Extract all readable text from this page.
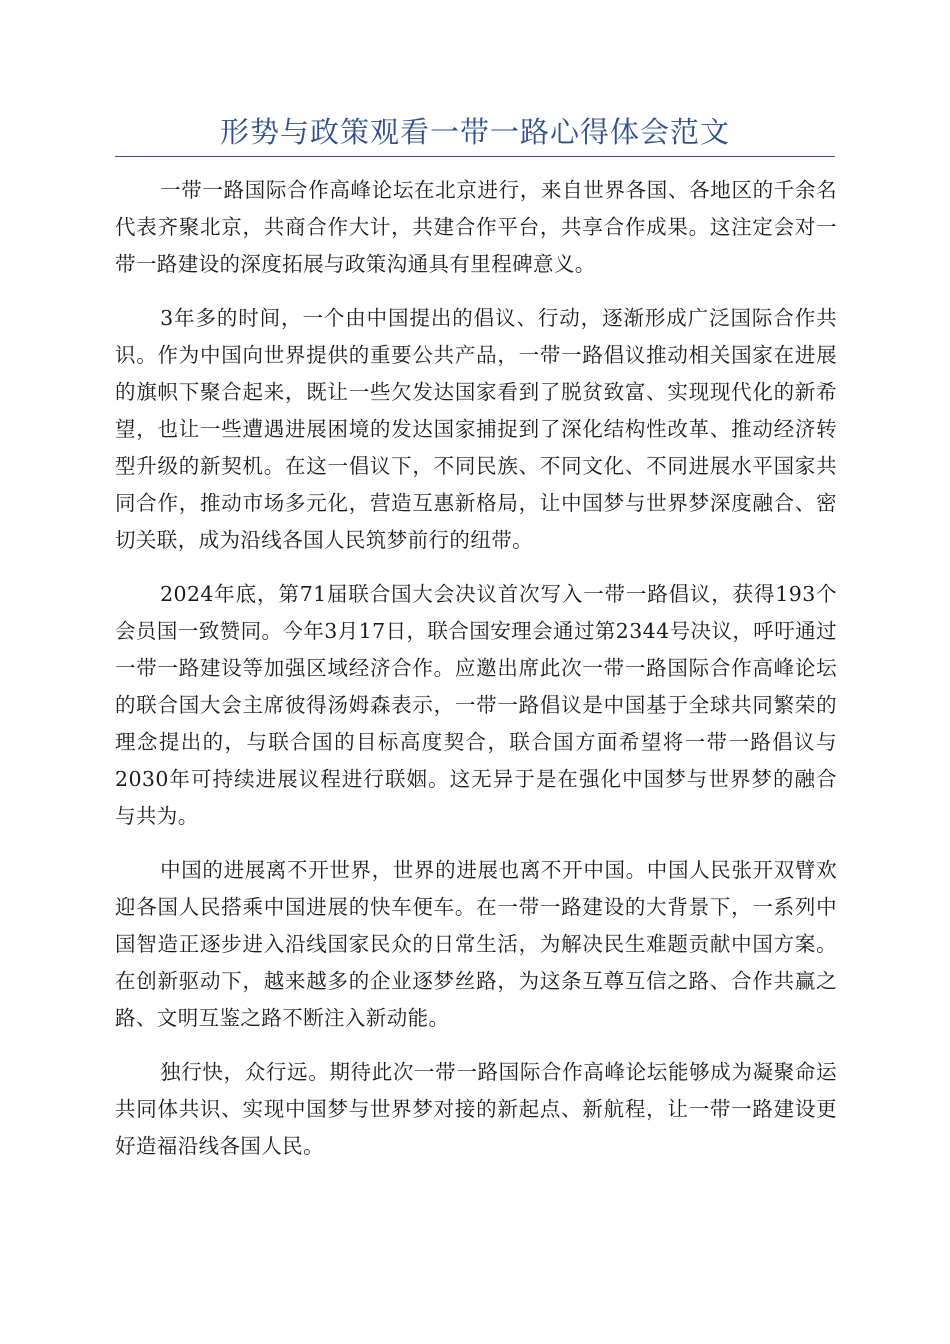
形势与政策观看一带一路心得体会范文

一带一路国际合作高峰论坛在北京进行，来自世界各国、各地区的千余名代表齐聚北京，共商合作大计，共建合作平台，共享合作成果。这注定会对一带一路建设的深度拓展与政策沟通具有里程碑意义。

3年多的时间，一个由中国提出的倡议、行动，逐渐形成广泛国际合作共识。作为中国向世界提供的重要公共产品，一带一路倡议推动相关国家在进展的旗帜下聚合起来，既让一些欠发达国家看到了脱贫致富、实现现代化的新希望，也让一些遭遇进展困境的发达国家捕捉到了深化结构性改革、推动经济转型升级的新契机。在这一倡议下，不同民族、不同文化、不同进展水平国家共同合作，推动市场多元化，营造互惠新格局，让中国梦与世界梦深度融合、密切关联，成为沿线各国人民筑梦前行的纽带。

2024年底，第71届联合国大会决议首次写入一带一路倡议，获得193个会员国一致赞同。今年3月17日，联合国安理会通过第2344号决议，呼吁通过一带一路建设等加强区域经济合作。应邀出席此次一带一路国际合作高峰论坛的联合国大会主席彼得汤姆森表示，一带一路倡议是中国基于全球共同繁荣的理念提出的，与联合国的目标高度契合，联合国方面希望将一带一路倡议与2030年可持续进展议程进行联姻。这无异于是在强化中国梦与世界梦的融合与共为。

中国的进展离不开世界，世界的进展也离不开中国。中国人民张开双臂欢迎各国人民搭乘中国进展的快车便车。在一带一路建设的大背景下，一系列中国智造正逐步进入沿线国家民众的日常生活，为解决民生难题贡献中国方案。在创新驱动下，越来越多的企业逐梦丝路，为这条互尊互信之路、合作共赢之路、文明互鉴之路不断注入新动能。

独行快，众行远。期待此次一带一路国际合作高峰论坛能够成为凝聚命运共同体共识、实现中国梦与世界梦对接的新起点、新航程，让一带一路建设更好造福沿线各国人民。
